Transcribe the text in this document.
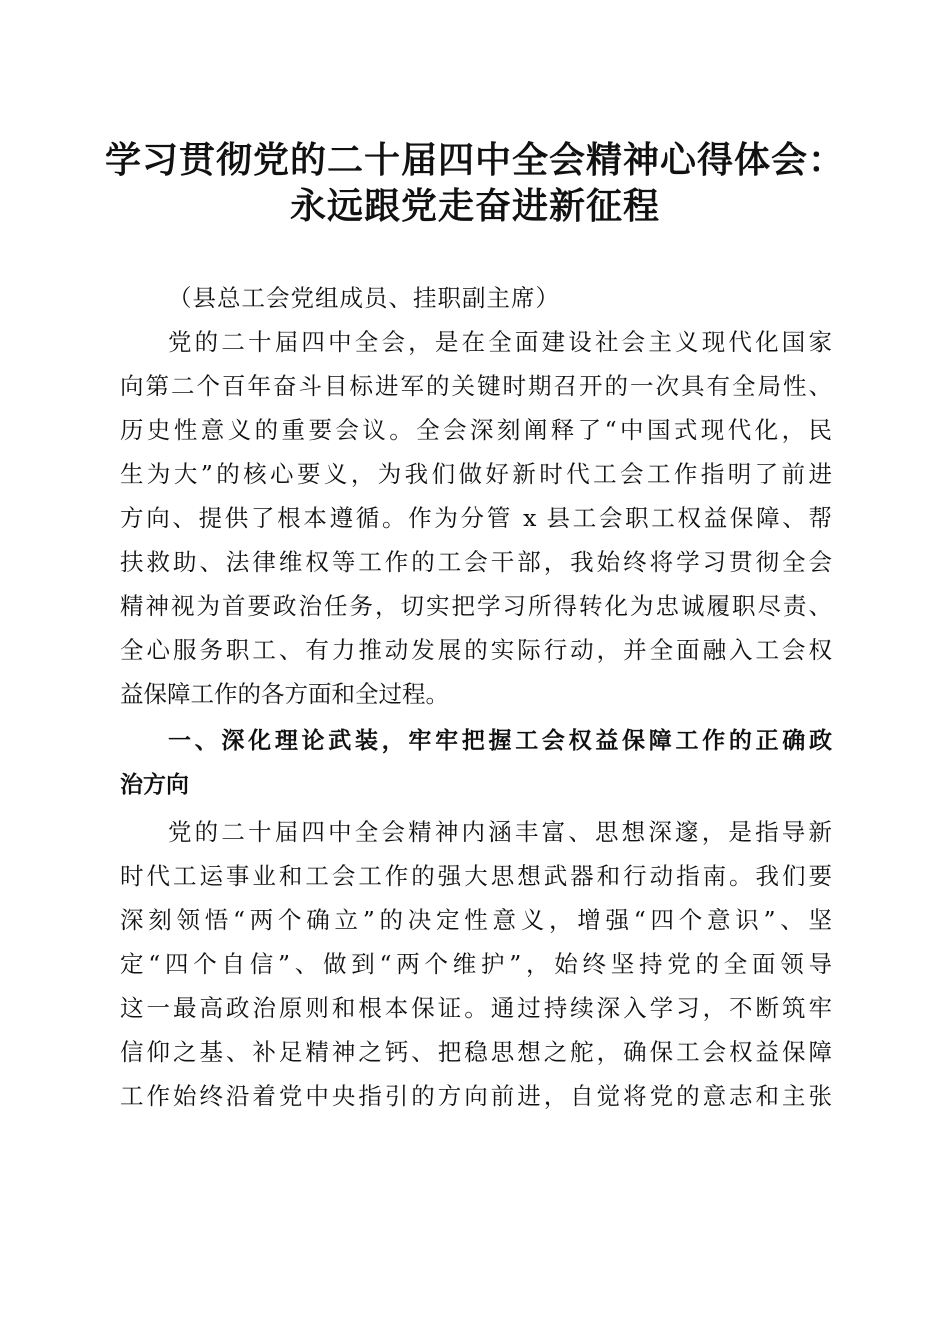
学习贯彻党的二十届四中全会精神心得体会：
永远跟党走奋进新征程
（县总工会党组成员、挂职副主席）
党的二十届四中全会，是在全面建设社会主义现代化国家
向第二个百年奋斗目标进军的关键时期召开的一次具有全局性、
历史性意义的重要会议。全会深刻阐释了“中国式现代化，民
生为大”的核心要义，为我们做好新时代工会工作指明了前进
方向、提供了根本遵循。作为分管 x 县工会职工权益保障、帮
扶救助、法律维权等工作的工会干部，我始终将学习贯彻全会
精神视为首要政治任务，切实把学习所得转化为忠诚履职尽责、
全心服务职工、有力推动发展的实际行动，并全面融入工会权
益保障工作的各方面和全过程。
一、深化理论武装，牢牢把握工会权益保障工作的正确政
治方向
党的二十届四中全会精神内涵丰富、思想深邃，是指导新
时代工运事业和工会工作的强大思想武器和行动指南。我们要
深刻领悟“两个确立”的决定性意义，增强“四个意识”、坚
定“四个自信”、做到“两个维护”，始终坚持党的全面领导
这一最高政治原则和根本保证。通过持续深入学习，不断筑牢
信仰之基、补足精神之钙、把稳思想之舵，确保工会权益保障
工作始终沿着党中央指引的方向前进，自觉将党的意志和主张
